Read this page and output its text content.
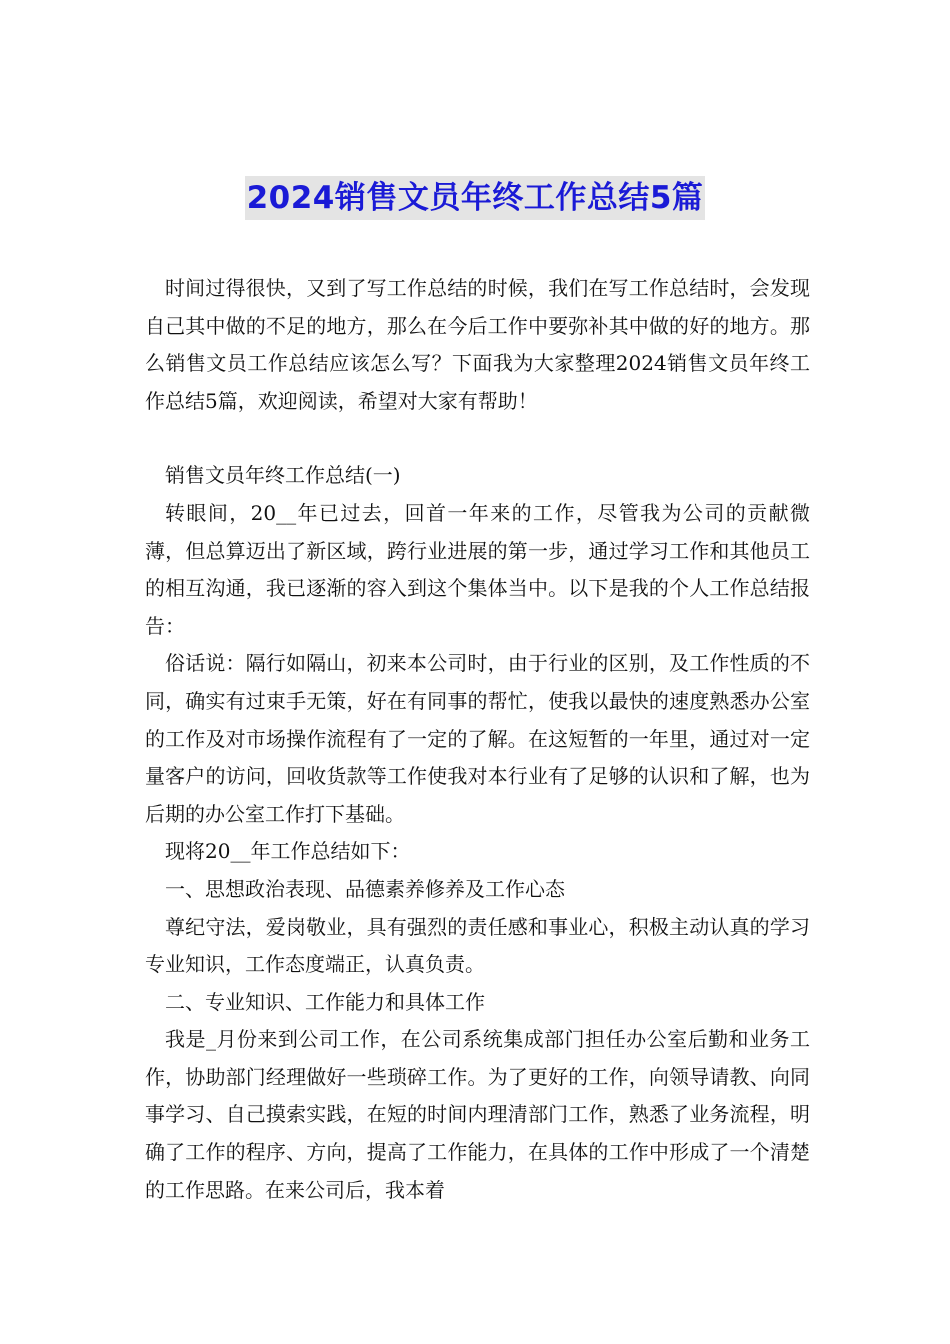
2024销售文员年终工作总结5篇

时间过得很快，又到了写工作总结的时候，我们在写工作总结时，会发现自己其中做的不足的地方，那么在今后工作中要弥补其中做的好的地方。那么销售文员工作总结应该怎么写？下面我为大家整理2024销售文员年终工作总结5篇，欢迎阅读，希望对大家有帮助！

销售文员年终工作总结(一)

转眼间，20__年已过去，回首一年来的工作，尽管我为公司的贡献微薄，但总算迈出了新区域，跨行业进展的第一步，通过学习工作和其他员工的相互沟通，我已逐渐的容入到这个集体当中。以下是我的个人工作总结报告：

俗话说：隔行如隔山，初来本公司时，由于行业的区别，及工作性质的不同，确实有过束手无策，好在有同事的帮忙，使我以最快的速度熟悉办公室的工作及对市场操作流程有了一定的了解。在这短暂的一年里，通过对一定量客户的访问，回收货款等工作使我对本行业有了足够的认识和了解，也为后期的办公室工作打下基础。

现将20__年工作总结如下：

一、思想政治表现、品德素养修养及工作心态

尊纪守法，爱岗敬业，具有强烈的责任感和事业心，积极主动认真的学习专业知识，工作态度端正，认真负责。

二、专业知识、工作能力和具体工作

我是_月份来到公司工作，在公司系统集成部门担任办公室后勤和业务工作，协助部门经理做好一些琐碎工作。为了更好的工作，向领导请教、向同事学习、自己摸索实践，在短的时间内理清部门工作，熟悉了业务流程，明确了工作的程序、方向，提高了工作能力，在具体的工作中形成了一个清楚的工作思路。在来公司后，我本着
